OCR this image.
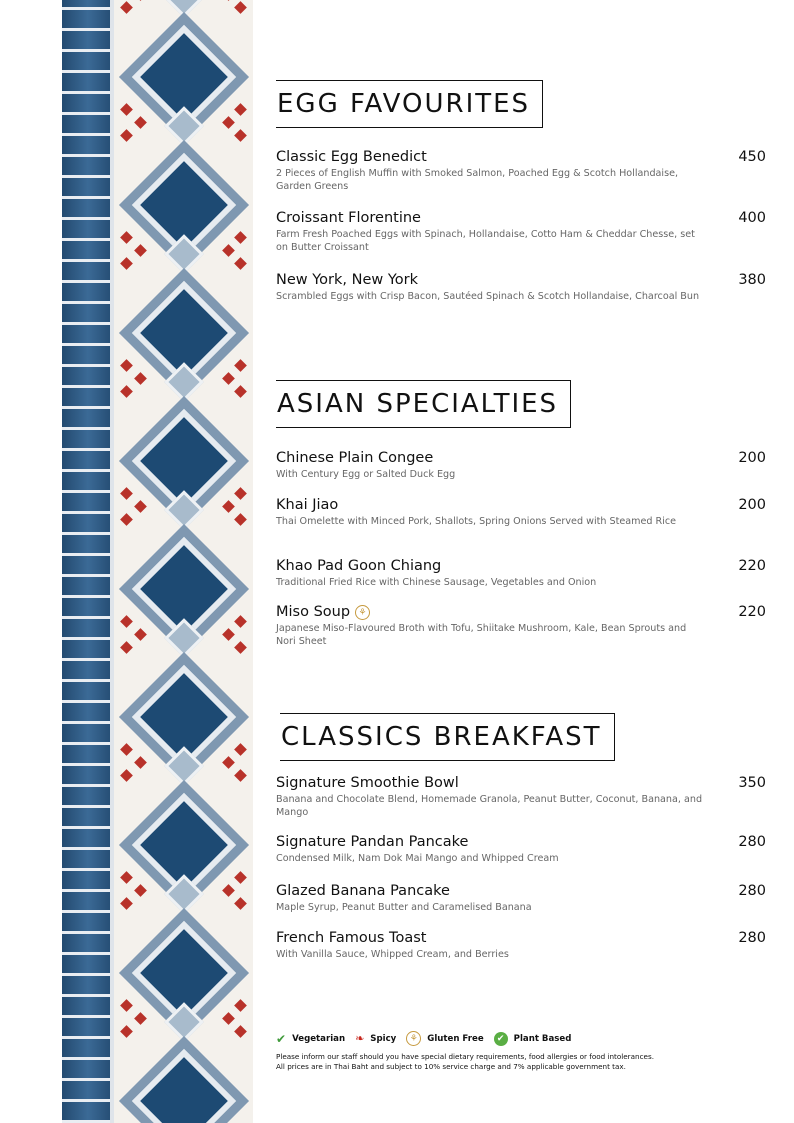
EGG FAVOURITES
Classic Egg Benedict	450
2 Pieces of English Muffin with Smoked Salmon, Poached Egg & Scotch Hollandaise, Garden Greens
Croissant Florentine	400
Farm Fresh Poached Eggs with Spinach, Hollandaise, Cotto Ham & Cheddar Chesse, set on Butter Croissant
New York, New York	380
Scrambled Eggs with Crisp Bacon, Sautéed Spinach & Scotch Hollandaise, Charcoal Bun
ASIAN SPECIALTIES
Chinese Plain Congee	200
With Century Egg or Salted Duck Egg
Khai Jiao	200
Thai Omelette with Minced Pork, Shallots, Spring Onions Served with Steamed Rice
Khao Pad Goon Chiang	220
Traditional Fried Rice with Chinese Sausage, Vegetables and Onion
Miso Soup ⚘	220
Japanese Miso-Flavoured Broth with Tofu, Shiitake Mushroom, Kale, Bean Sprouts and Nori Sheet
CLASSICS BREAKFAST
Signature Smoothie Bowl	350
Banana and Chocolate Blend, Homemade Granola, Peanut Butter, Coconut, Banana, and Mango
Signature Pandan Pancake	280
Condensed Milk, Nam Dok Mai Mango and Whipped Cream
Glazed Banana Pancake	280
Maple Syrup, Peanut Butter and Caramelised Banana
French Famous Toast	280
With Vanilla Sauce, Whipped Cream, and Berries
✔ Vegetarian ❧ Spicy	⚘	Gluten Free	✔	Plant Based
Please inform our staff should you have special dietary requirements, food allergies or food intolerances.
All prices are in Thai Baht and subject to 10% service charge and 7% applicable government tax.
